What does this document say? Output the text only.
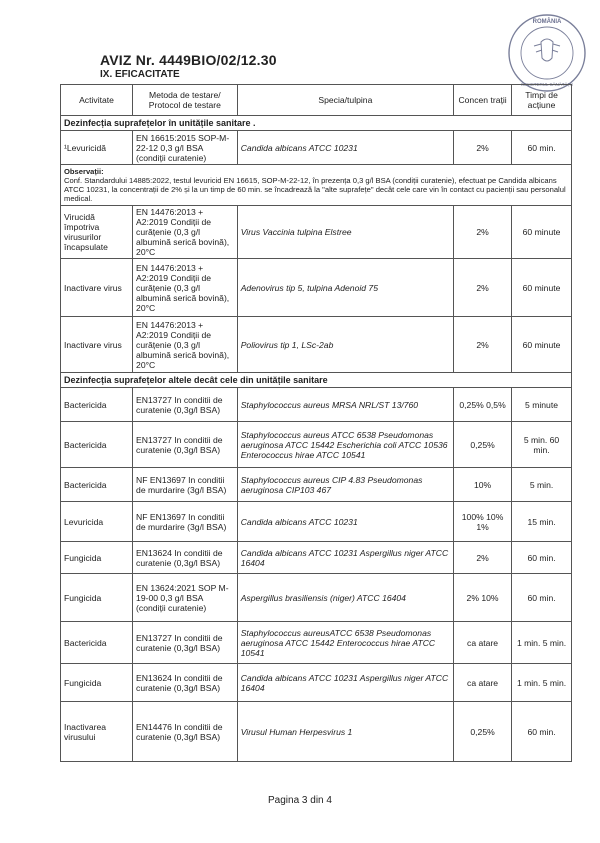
AVIZ Nr. 4449BIO/02/12.30
IX. EFICACITATE
ROMÂNIA
MINISTERUL SĂNĂTĂȚII
Activitate	Metoda de testare/ Protocol de testare	Specia/tulpina	Concen trații	Timpi de acțiune
Dezinfecția suprafețelor în unitățile sanitare .				
¹Levuricidă	EN 16615:2015 SOP-M-22-12 0,3 g/l BSA (condiții curatenie)	Candida albicans ATCC 10231	2%	60 min.

Observații:
Conf. Standardului 14885:2022, testul levuricid EN 16615, SOP-M-22-12, în prezența 0,3 g/l BSA (condiții curatenie), efectuat pe Candida albicans ATCC 10231, la concentrații de 2% și la un timp de 60 min. se încadrează la "alte suprafețe" decât cele care vin în contact cu pacienții sau personalul medical.				

Virucidă împotriva virusurilor încapsulate	EN 14476:2013 + A2:2019 Condiții de curățenie (0,3 g/l albumină serică bovină), 20°C	Virus Vaccinia tulpina Elstree	2%	60 minute
Inactivare virus	EN 14476:2013 + A2:2019 Condiții de curățenie (0,3 g/l albumină serică bovină), 20°C	Adenovirus tip 5, tulpina Adenoid 75	2%	60 minute
Inactivare virus	EN 14476:2013 + A2:2019 Condiții de curățenie (0,3 g/l albumină serică bovină), 20°C	Poliovirus tip 1, LSc-2ab	2%	60 minute
Dezinfecția suprafețelor altele decât cele din unitățile sanitare				
Bactericida	EN13727 In conditii de curatenie (0,3g/l BSA)	Staphylococcus aureus MRSA NRL/ST 13/760	0,25% 0,5%	5 minute
Bactericida	EN13727 In conditii de curatenie (0,3g/l BSA)	Staphylococcus aureus ATCC 6538 Pseudomonas aeruginosa ATCC 15442 Escherichia coli ATCC 10536 Enterococcus hirae ATCC 10541	0,25%	5 min. 60 min.
Bactericida	NF EN13697 In conditii de murdarire (3g/l BSA)	Staphylococcus aureus CIP 4.83 Pseudomonas aeruginosa CIP103 467	10%	5 min.
Levuricida	NF EN13697 In conditii de murdarire (3g/l BSA)	Candida albicans ATCC 10231	100% 10% 1%	15 min.
Fungicida	EN13624 In conditii de curatenie (0,3g/l BSA)	Candida albicans ATCC 10231 Aspergillus niger ATCC 16404	2%	60 min.
Fungicida	EN 13624:2021 SOP M-19-00 0,3 g/l BSA (condiții curatenie)	Aspergillus brasiliensis (niger) ATCC 16404	2% 10%	60 min.
Bactericida	EN13727 In conditii de curatenie (0,3g/l BSA)	Staphylococcus aureusATCC 6538 Pseudomonas aeruginosa ATCC 15442 Enterococcus hirae ATCC 10541	ca atare	1 min. 5 min.
Fungicida	EN13624 In conditii de curatenie (0,3g/l BSA)	Candida albicans ATCC 10231 Aspergillus niger ATCC 16404	ca atare	1 min. 5 min.
Inactivarea virusului	EN14476 In conditii de curatenie (0,3g/l BSA)	Virusul Human Herpesvirus 1	0,25%	60 min.
Pagina 3 din 4
